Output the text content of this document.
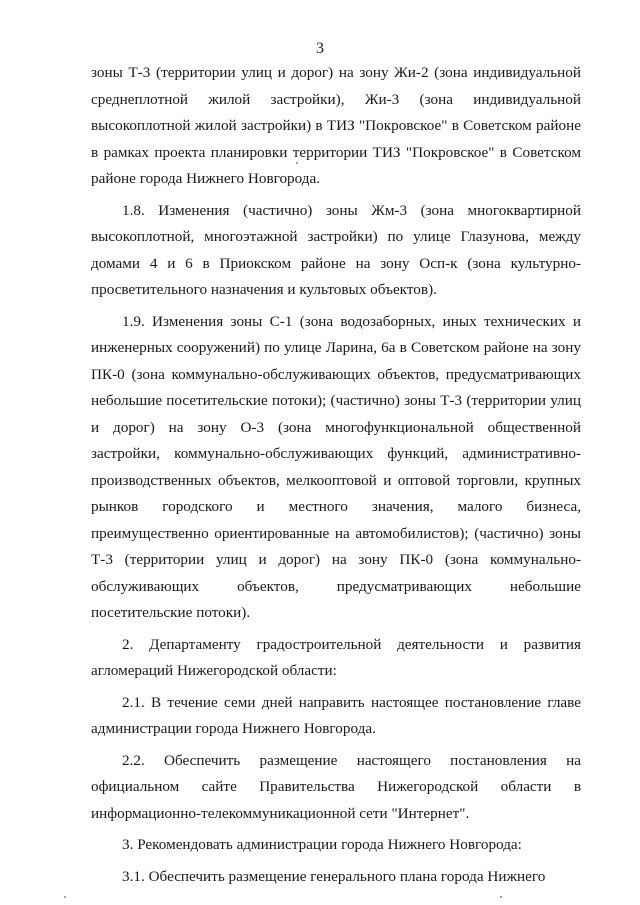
3

зоны Т-3 (территории улиц и дорог) на зону Жи-2 (зона индивидуальной среднеплотной жилой застройки), Жи-3 (зона индивидуальной высокоплотной жилой застройки) в ТИЗ "Покровское" в Советском районе в рамках проекта планировки территории ТИЗ "Покровское" в Советском районе города Нижнего Новгорода.

1.8. Изменения (частично) зоны Жм-3 (зона многоквартирной высокоплотной, многоэтажной застройки) по улице Глазунова, между домами 4 и 6 в Приокском районе на зону Осп-к (зона культурно-просветительного назначения и культовых объектов).

1.9. Изменения зоны С-1 (зона водозаборных, иных технических и инженерных сооружений) по улице Ларина, 6а в Советском районе на зону ПК-0 (зона коммунально-обслуживающих объектов, предусматривающих небольшие посетительские потоки); (частично) зоны Т-3 (территории улиц и дорог) на зону О-3 (зона многофункциональной общественной застройки, коммунально-обслуживающих функций, административно-производственных объектов, мелкооптовой и оптовой торговли, крупных рынков городского и местного значения, малого бизнеса, преимущественно ориентированные на автомобилистов); (частично) зоны Т-3 (территории улиц и дорог) на зону ПК-0 (зона коммунально-обслуживающих объектов, предусматривающих небольшие посетительские потоки).

2. Департаменту градостроительной деятельности и развития агломераций Нижегородской области:

2.1. В течение семи дней направить настоящее постановление главе администрации города Нижнего Новгорода.

2.2. Обеспечить размещение настоящего постановления на официальном сайте Правительства Нижегородской области в информационно-телекоммуникационной сети "Интернет".

3. Рекомендовать администрации города Нижнего Новгорода:

3.1. Обеспечить размещение генерального плана города Нижнего
